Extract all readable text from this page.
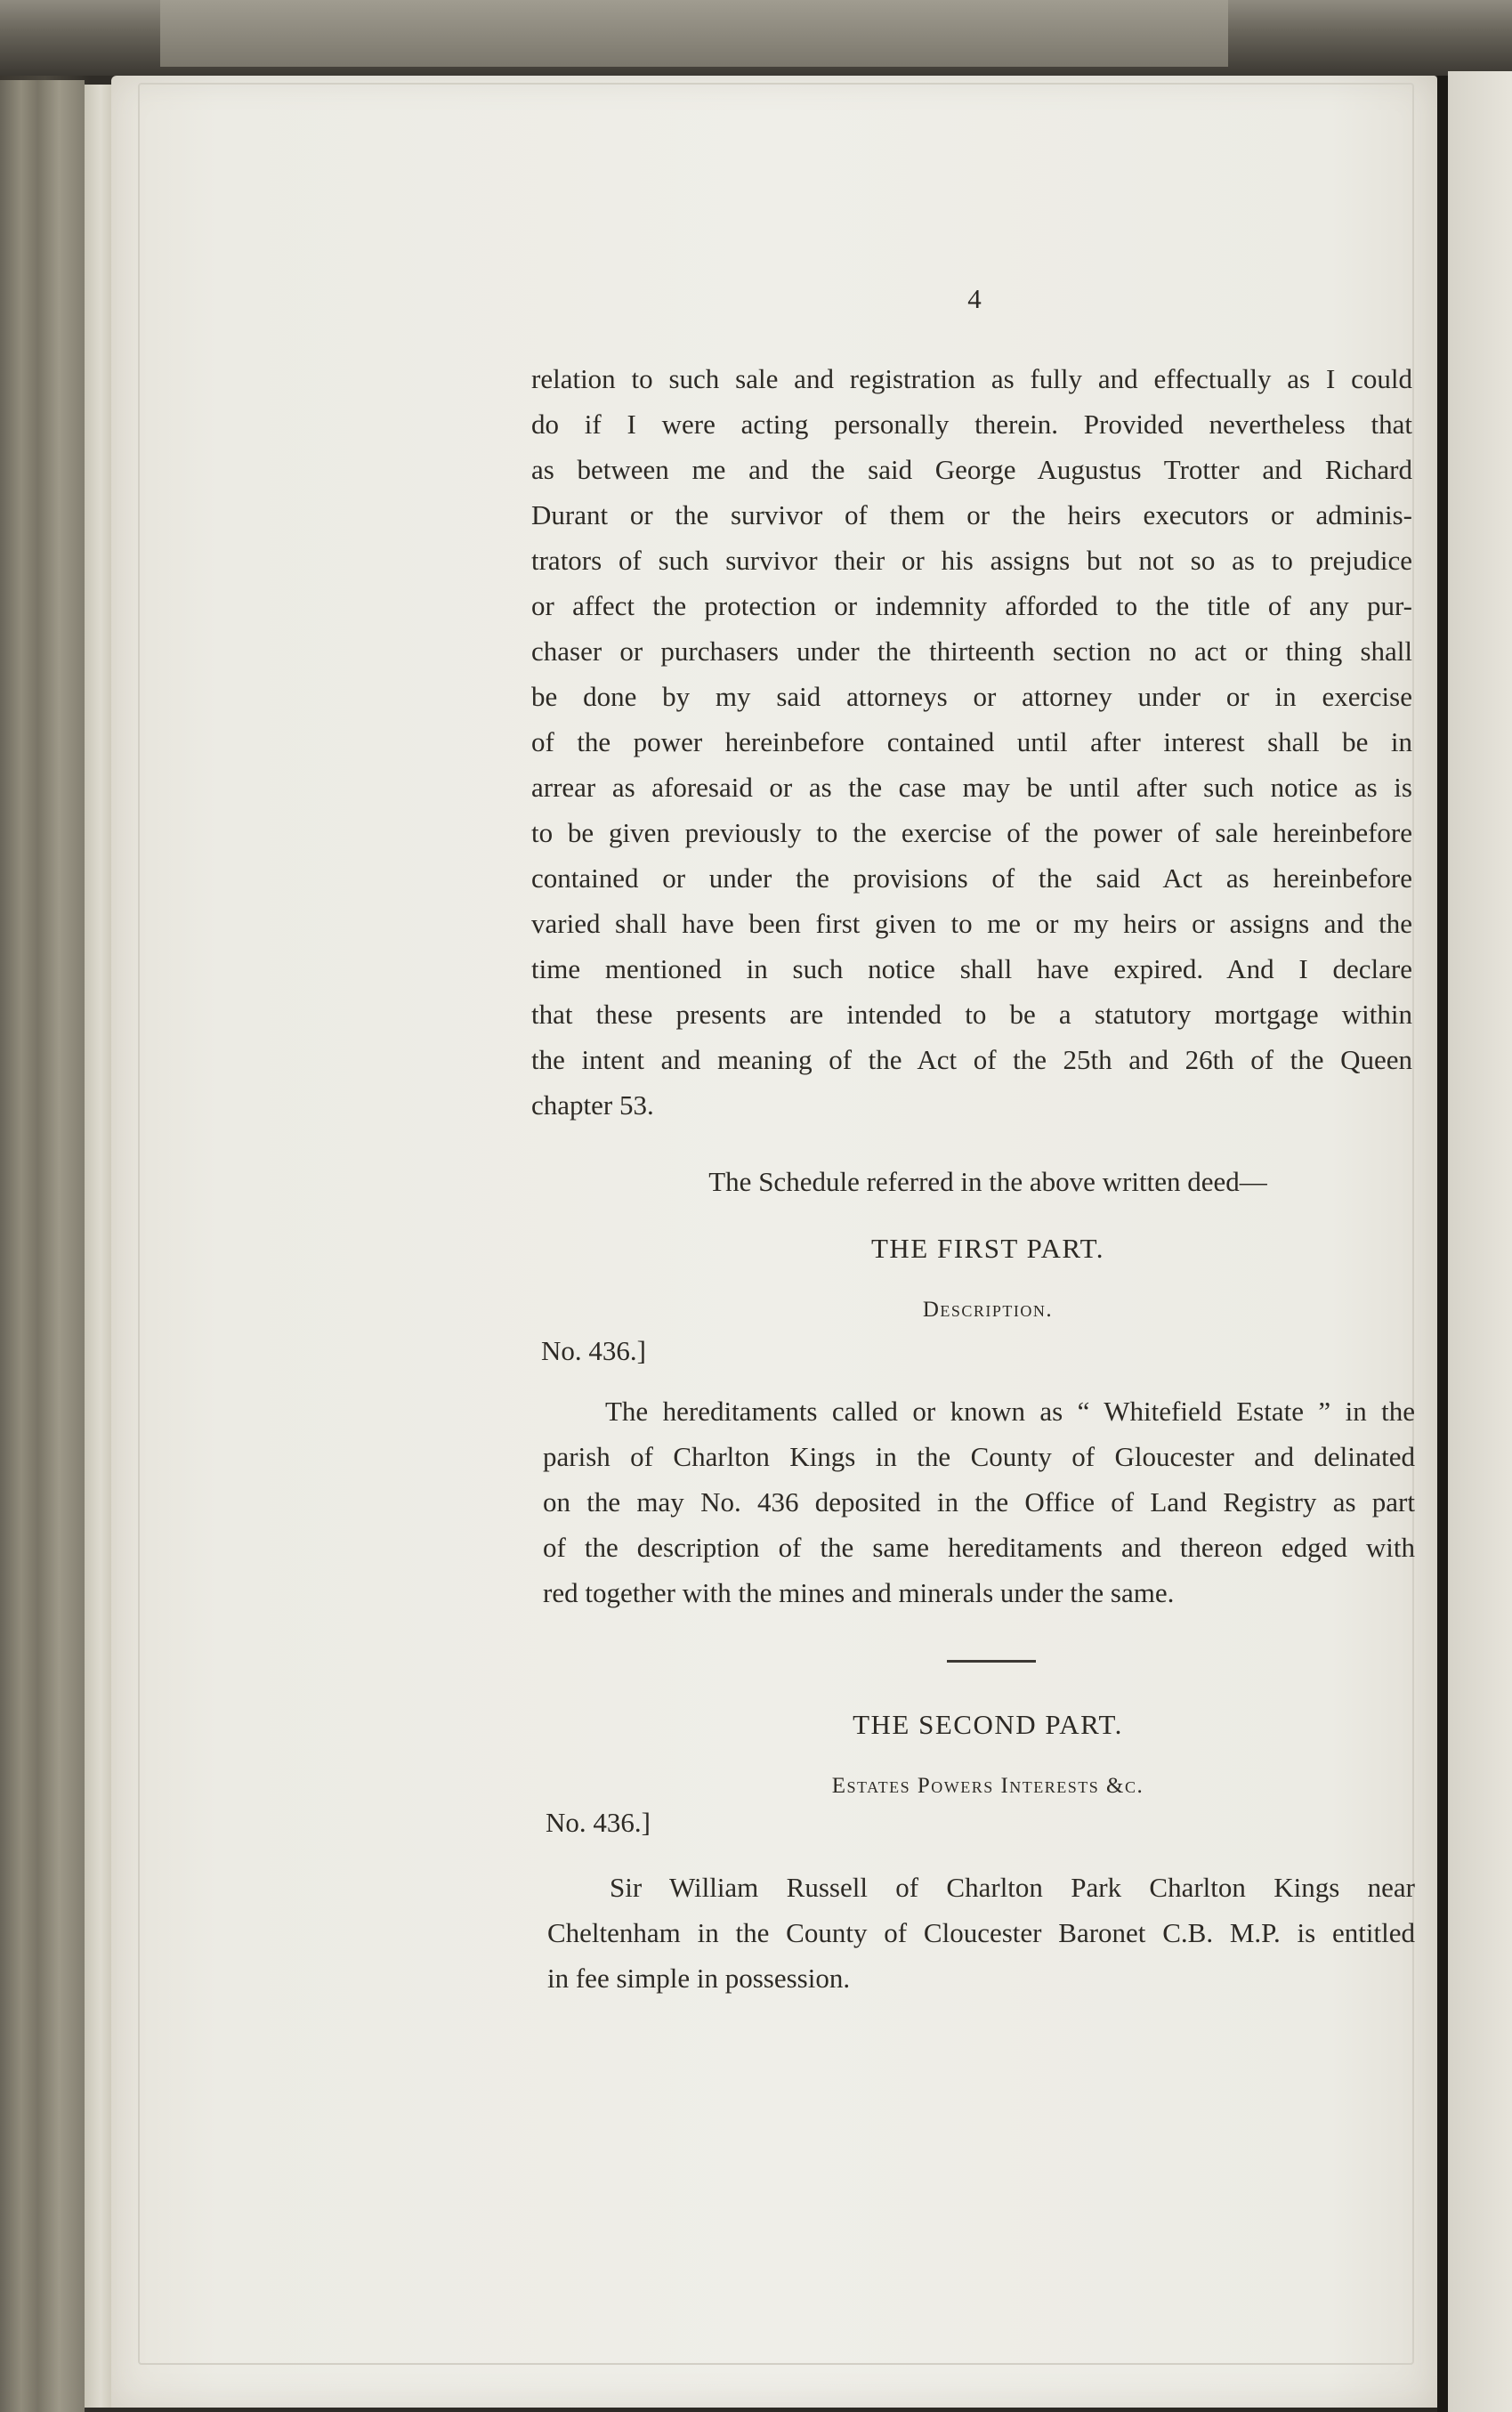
4
relation to such sale and registration as fully and effectually as I could
do if I were acting personally therein. Provided nevertheless that
as between me and the said George Augustus Trotter and Richard
Durant or the survivor of them or the heirs executors or adminis-
trators of such survivor their or his assigns but not so as to prejudice
or affect the protection or indemnity afforded to the title of any pur-
chaser or purchasers under the thirteenth section no act or thing shall
be done by my said attorneys or attorney under or in exercise
of the power hereinbefore contained until after interest shall be in
arrear as aforesaid or as the case may be until after such notice as is
to be given previously to the exercise of the power of sale hereinbefore
contained or under the provisions of the said Act as hereinbefore
varied shall have been first given to me or my heirs or assigns and the
time mentioned in such notice shall have expired. And I declare
that these presents are intended to be a statutory mortgage within
the intent and meaning of the Act of the 25th and 26th of the Queen
chapter 53.
The Schedule referred in the above written deed—
THE FIRST PART.
Description.
No. 436.]
The hereditaments called or known as “ Whitefield Estate ” in the
parish of Charlton Kings in the County of Gloucester and delinated
on the may No. 436 deposited in the Office of Land Registry as part
of the description of the same hereditaments and thereon edged with
red together with the mines and minerals under the same.
THE SECOND PART.
Estates Powers Interests &c.
No. 436.]
Sir William Russell of Charlton Park Charlton Kings near
Cheltenham in the County of Cloucester Baronet C.B. M.P. is entitled
in fee simple in possession.
